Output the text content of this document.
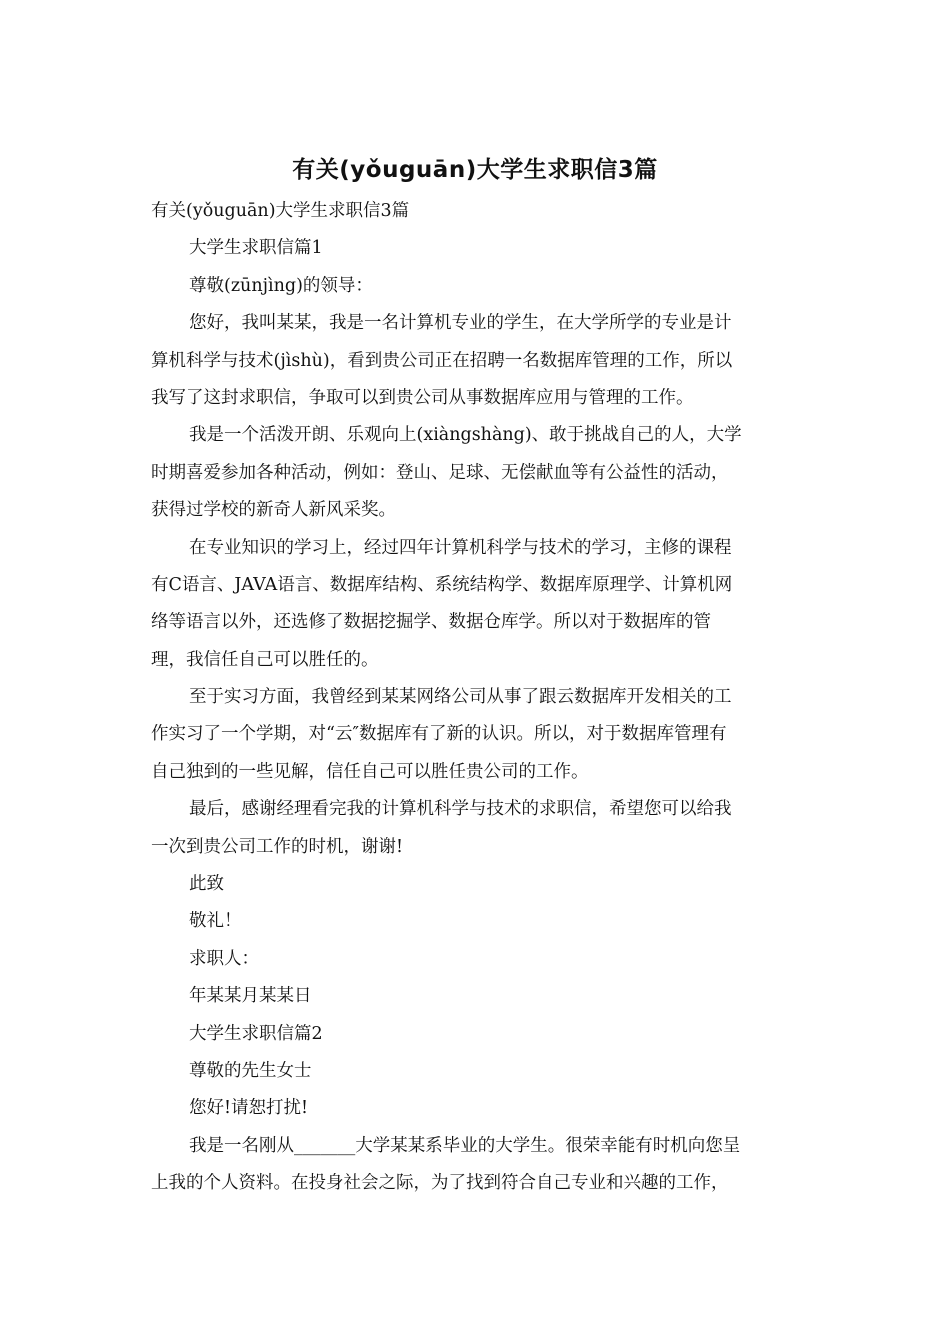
有关(yǒuguān)大学生求职信3篇
有关(yǒuguān)大学生求职信3篇
大学生求职信篇1
尊敬(zūnjìng)的领导：
您好，我叫某某，我是一名计算机专业的学生，在大学所学的专业是计
算机科学与技术(jìshù)，看到贵公司正在招聘一名数据库管理的工作，所以
我写了这封求职信，争取可以到贵公司从事数据库应用与管理的工作。
我是一个活泼开朗、乐观向上(xiàngshàng)、敢于挑战自己的人，大学
时期喜爱参加各种活动，例如：登山、足球、无偿献血等有公益性的活动，
获得过学校的新奇人新风采奖。
在专业知识的学习上，经过四年计算机科学与技术的学习，主修的课程
有C语言、JAVA语言、数据库结构、系统结构学、数据库原理学、计算机网
络等语言以外，还选修了数据挖掘学、数据仓库学。所以对于数据库的管
理，我信任自己可以胜任的。
至于实习方面，我曾经到某某网络公司从事了跟云数据库开发相关的工
作实习了一个学期，对“云″数据库有了新的认识。所以，对于数据库管理有
自己独到的一些见解，信任自己可以胜任贵公司的工作。
最后，感谢经理看完我的计算机科学与技术的求职信，希望您可以给我
一次到贵公司工作的时机，谢谢!
此致
敬礼！
求职人：
年某某月某某日
大学生求职信篇2
尊敬的先生女士
您好!请恕打扰!
我是一名刚从_______大学某某系毕业的大学生。很荣幸能有时机向您呈
上我的个人资料。在投身社会之际，为了找到符合自己专业和兴趣的工作，
